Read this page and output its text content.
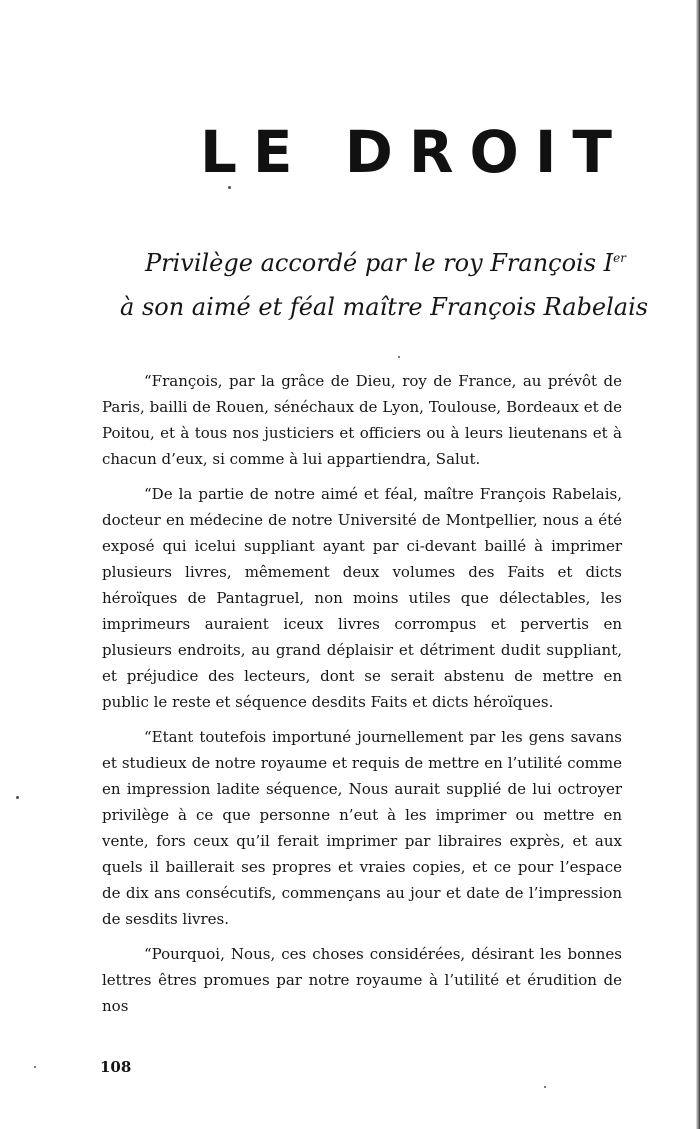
LE DROIT
Privilège accordé par le roy François Ier
à son aimé et féal maître François Rabelais

“François, par la grâce de Dieu, roy de France, au prévôt de Paris, bailli de Rouen, sénéchaux de Lyon, Toulouse, Bordeaux et de Poitou, et à tous nos justiciers et officiers ou à leurs lieutenans et à chacun d’eux, si comme à lui appartiendra, Salut.

“De la partie de notre aimé et féal, maître François Rabelais, docteur en médecine de notre Université de Montpellier, nous a été exposé qui icelui suppliant ayant par ci-devant baillé à imprimer plusieurs livres, mêmement deux volumes des Faits et dicts héroïques de Pantagruel, non moins utiles que délectables, les imprimeurs auraient iceux livres corrompus et pervertis en plusieurs endroits, au grand déplaisir et détriment dudit suppliant, et préjudice des lecteurs, dont se serait abstenu de mettre en public le reste et séquence desdits Faits et dicts héroïques.

“Etant toutefois importuné journellement par les gens savans et studieux de notre royaume et requis de mettre en l’utilité comme en impression ladite séquence, Nous aurait supplié de lui octroyer privilège à ce que personne n’eut à les imprimer ou mettre en vente, fors ceux qu’il ferait imprimer par libraires exprès, et aux quels il baillerait ses propres et vraies copies, et ce pour l’espace de dix ans consécutifs, commençans au jour et date de l’impression de sesdits livres.

“Pourquoi, Nous, ces choses considérées, désirant les bonnes lettres êtres promues par notre royaume à l’utilité et érudition de nos

108
